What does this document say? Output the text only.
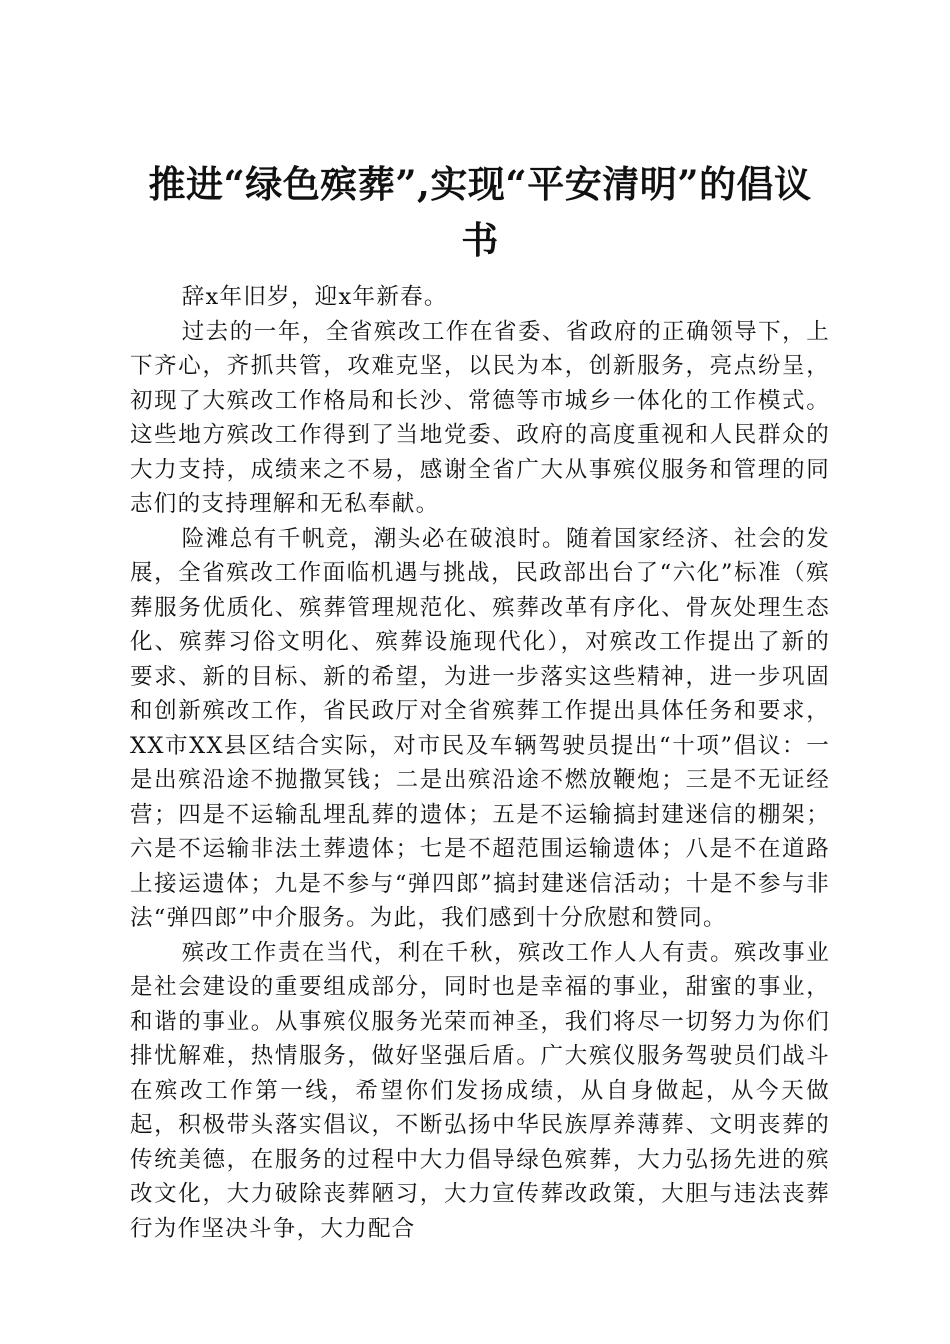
推进“绿色殡葬”,实现“平安清明”的倡议书

辞x年旧岁，迎x年新春。

过去的一年，全省殡改工作在省委、省政府的正确领导下，上下齐心，齐抓共管，攻难克坚，以民为本，创新服务，亮点纷呈，初现了大殡改工作格局和长沙、常德等市城乡一体化的工作模式。这些地方殡改工作得到了当地党委、政府的高度重视和人民群众的大力支持，成绩来之不易，感谢全省广大从事殡仪服务和管理的同志们的支持理解和无私奉献。

险滩总有千帆竞，潮头必在破浪时。随着国家经济、社会的发展，全省殡改工作面临机遇与挑战，民政部出台了“六化”标准（殡葬服务优质化、殡葬管理规范化、殡葬改革有序化、骨灰处理生态化、殡葬习俗文明化、殡葬设施现代化），对殡改工作提出了新的要求、新的目标、新的希望，为进一步落实这些精神，进一步巩固和创新殡改工作，省民政厅对全省殡葬工作提出具体任务和要求，XX市XX县区结合实际，对市民及车辆驾驶员提出“十项”倡议：一是出殡沿途不抛撒冥钱；二是出殡沿途不燃放鞭炮；三是不无证经营；四是不运输乱埋乱葬的遗体；五是不运输搞封建迷信的棚架；六是不运输非法土葬遗体；七是不超范围运输遗体；八是不在道路上接运遗体；九是不参与“弹四郎”搞封建迷信活动；十是不参与非法“弹四郎”中介服务。为此，我们感到十分欣慰和赞同。

殡改工作责在当代，利在千秋，殡改工作人人有责。殡改事业是社会建设的重要组成部分，同时也是幸福的事业，甜蜜的事业，和谐的事业。从事殡仪服务光荣而神圣，我们将尽一切努力为你们排忧解难，热情服务，做好坚强后盾。广大殡仪服务驾驶员们战斗在殡改工作第一线，希望你们发扬成绩，从自身做起，从今天做起，积极带头落实倡议，不断弘扬中华民族厚养薄葬、文明丧葬的传统美德，在服务的过程中大力倡导绿色殡葬，大力弘扬先进的殡改文化，大力破除丧葬陋习，大力宣传葬改政策，大胆与违法丧葬行为作坚决斗争，大力配合
